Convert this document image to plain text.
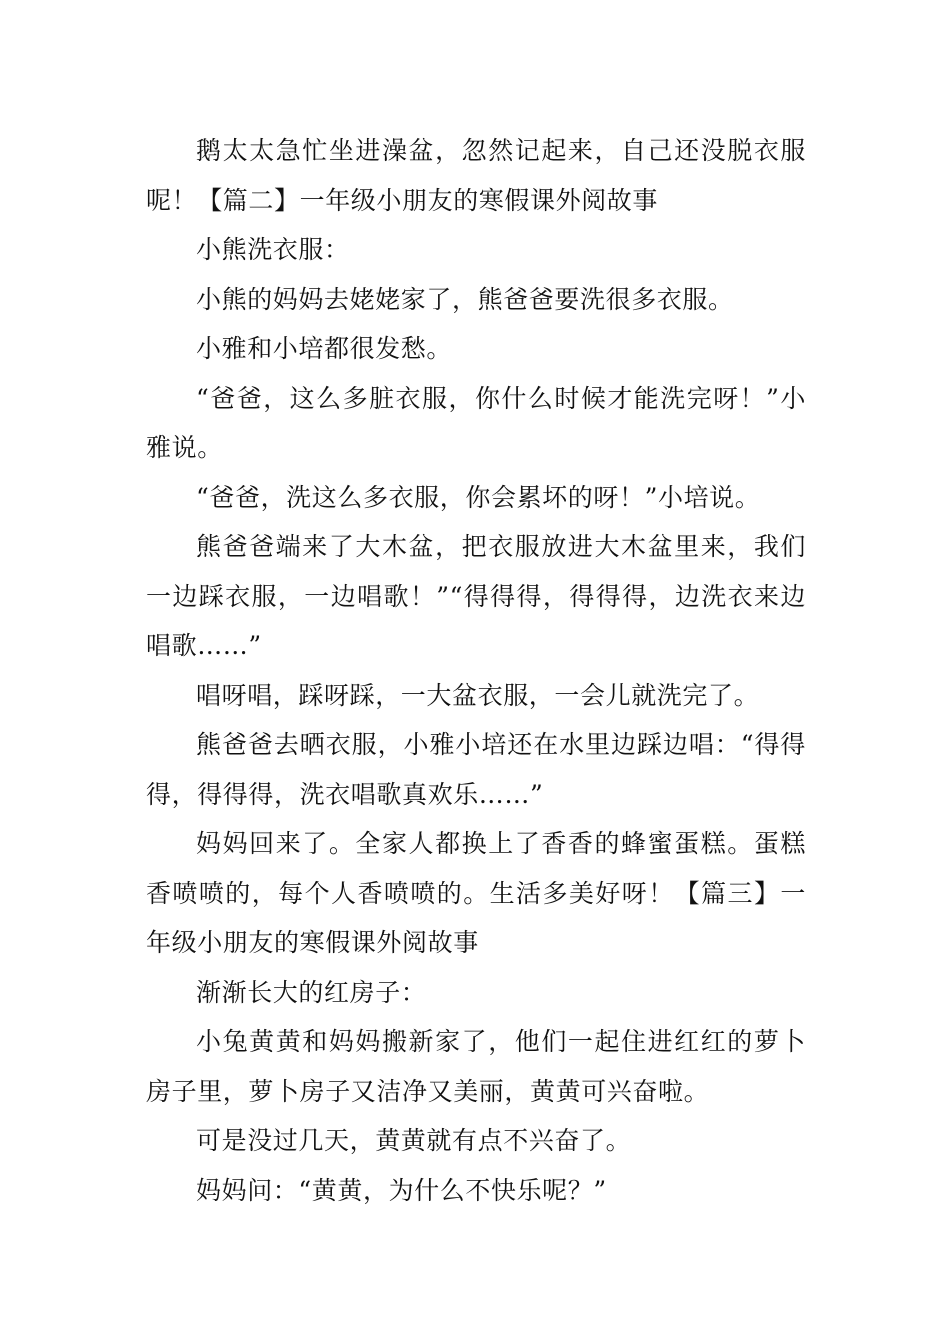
鹅太太急忙坐进澡盆，忽然记起来，自己还没脱衣服呢！【篇二】一年级小朋友的寒假课外阅故事

小熊洗衣服：

小熊的妈妈去姥姥家了，熊爸爸要洗很多衣服。

小雅和小培都很发愁。

“爸爸，这么多脏衣服，你什么时候才能洗完呀！”小雅说。

“爸爸，洗这么多衣服，你会累坏的呀！”小培说。

熊爸爸端来了大木盆，把衣服放进大木盆里来，我们一边踩衣服，一边唱歌！”“得得得，得得得，边洗衣来边唱歌……”

唱呀唱，踩呀踩，一大盆衣服，一会儿就洗完了。

熊爸爸去晒衣服，小雅小培还在水里边踩边唱：“得得得，得得得，洗衣唱歌真欢乐……”

妈妈回来了。全家人都换上了香香的蜂蜜蛋糕。蛋糕香喷喷的，每个人香喷喷的。生活多美好呀！【篇三】一年级小朋友的寒假课外阅故事

渐渐长大的红房子：

小兔黄黄和妈妈搬新家了，他们一起住进红红的萝卜房子里，萝卜房子又洁净又美丽，黄黄可兴奋啦。

可是没过几天，黄黄就有点不兴奋了。

妈妈问：“黄黄，为什么不快乐呢？”
